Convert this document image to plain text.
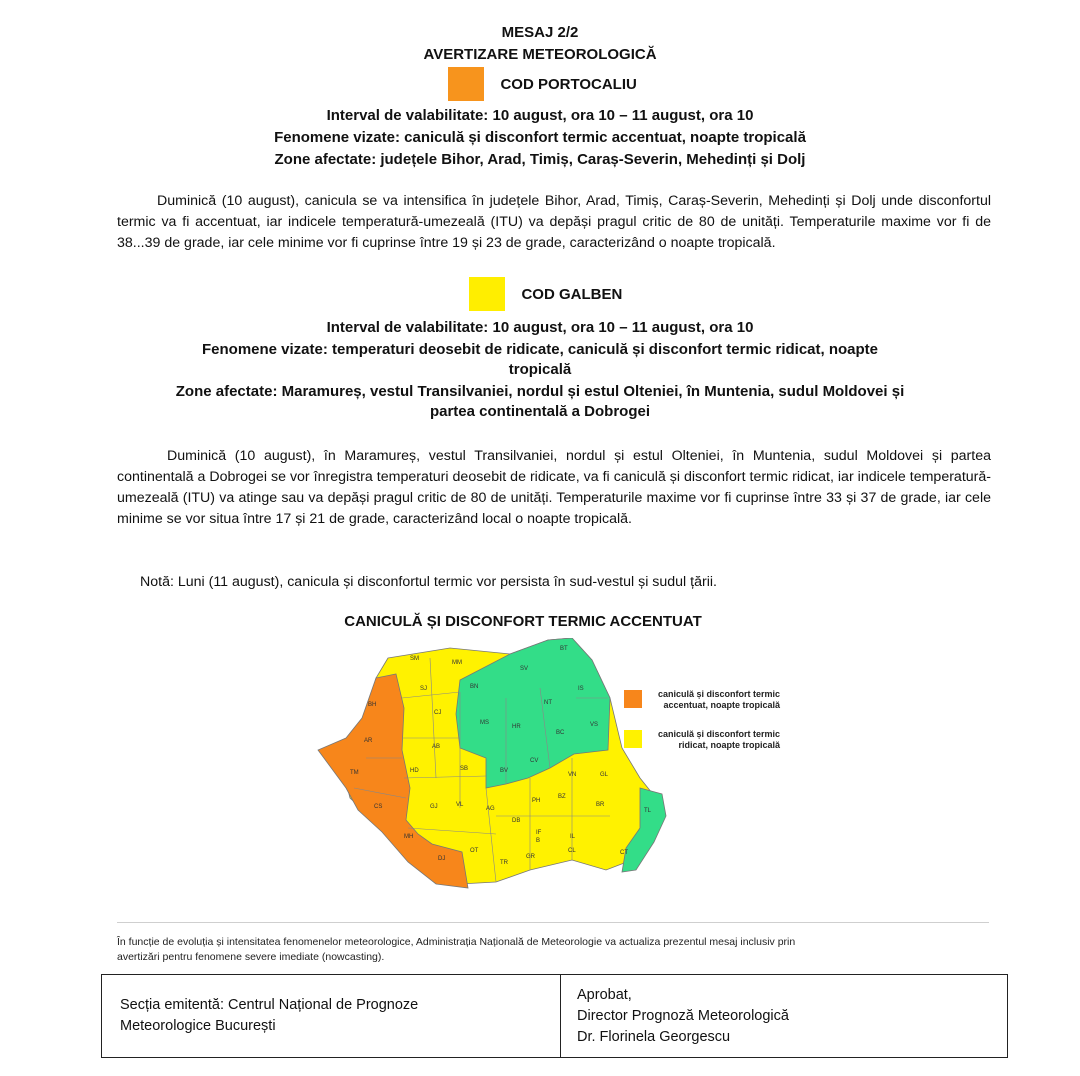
MESAJ 2/2
AVERTIZARE METEOROLOGICĂ
COD PORTOCALIU
Interval de valabilitate: 10 august, ora 10 – 11 august, ora 10
Fenomene vizate: caniculă și disconfort termic accentuat, noapte tropicală
Zone afectate: județele Bihor, Arad, Timiș, Caraș-Severin, Mehedinți și Dolj
Duminică (10 august), canicula se va intensifica în județele Bihor, Arad, Timiș, Caraș-Severin, Mehedinți și Dolj unde disconfortul termic va fi accentuat, iar indicele temperatură-umezeală (ITU) va depăși pragul critic de 80 de unități. Temperaturile maxime vor fi de 38...39 de grade, iar cele minime vor fi cuprinse între 19 și 23 de grade, caracterizând o noapte tropicală.
COD GALBEN
Interval de valabilitate: 10 august, ora 10 – 11 august, ora 10
Fenomene vizate: temperaturi deosebit de ridicate, caniculă și disconfort termic ridicat, noapte
tropicală
Zone afectate: Maramureș, vestul Transilvaniei, nordul și estul Olteniei, în Muntenia, sudul Moldovei și
partea continentală a Dobrogei
Duminică (10 august), în Maramureș, vestul Transilvaniei, nordul și estul Olteniei, în Muntenia, sudul Moldovei și partea continentală a Dobrogei se vor înregistra temperaturi deosebit de ridicate, va fi caniculă și disconfort termic ridicat, iar indicele temperatură-umezeală (ITU) va atinge sau va depăși pragul critic de 80 de unități. Temperaturile maxime vor fi cuprinse între 33 și 37 de grade, iar cele minime se vor situa între 17 și 21 de grade, caracterizând local o noapte tropicală.
Notă: Luni (11 august), canicula și disconfortul termic vor persista în sud-vestul și sudul țării.
CANICULĂ ȘI DISCONFORT TERMIC ACCENTUAT
SM
MM
SV
BT
SJ	BN	IS
NT
BH
CJ
MS
HR	VS
BC
AR
AB
TM	HD	SB	BV
CV
VN	GL
CS	GJ	VL
AG
PH
BZ
BR
TL
DB
MH
IF
B
IL
DJ
OT
TR
GR
CL	CT
caniculă și disconfort termic
accentuat, noapte tropicală
caniculă și disconfort termic
ridicat, noapte tropicală
În funcție de evoluția și intensitatea fenomenelor meteorologice, Administrația Națională de Meteorologie va actualiza prezentul mesaj inclusiv prin
avertizări pentru fenomene severe imediate (nowcasting).
Secția emitentă: Centrul Național de Prognoze
Meteorologice București

Aprobat,
Director Prognoză Meteorologică
Dr. Florinela Georgescu
